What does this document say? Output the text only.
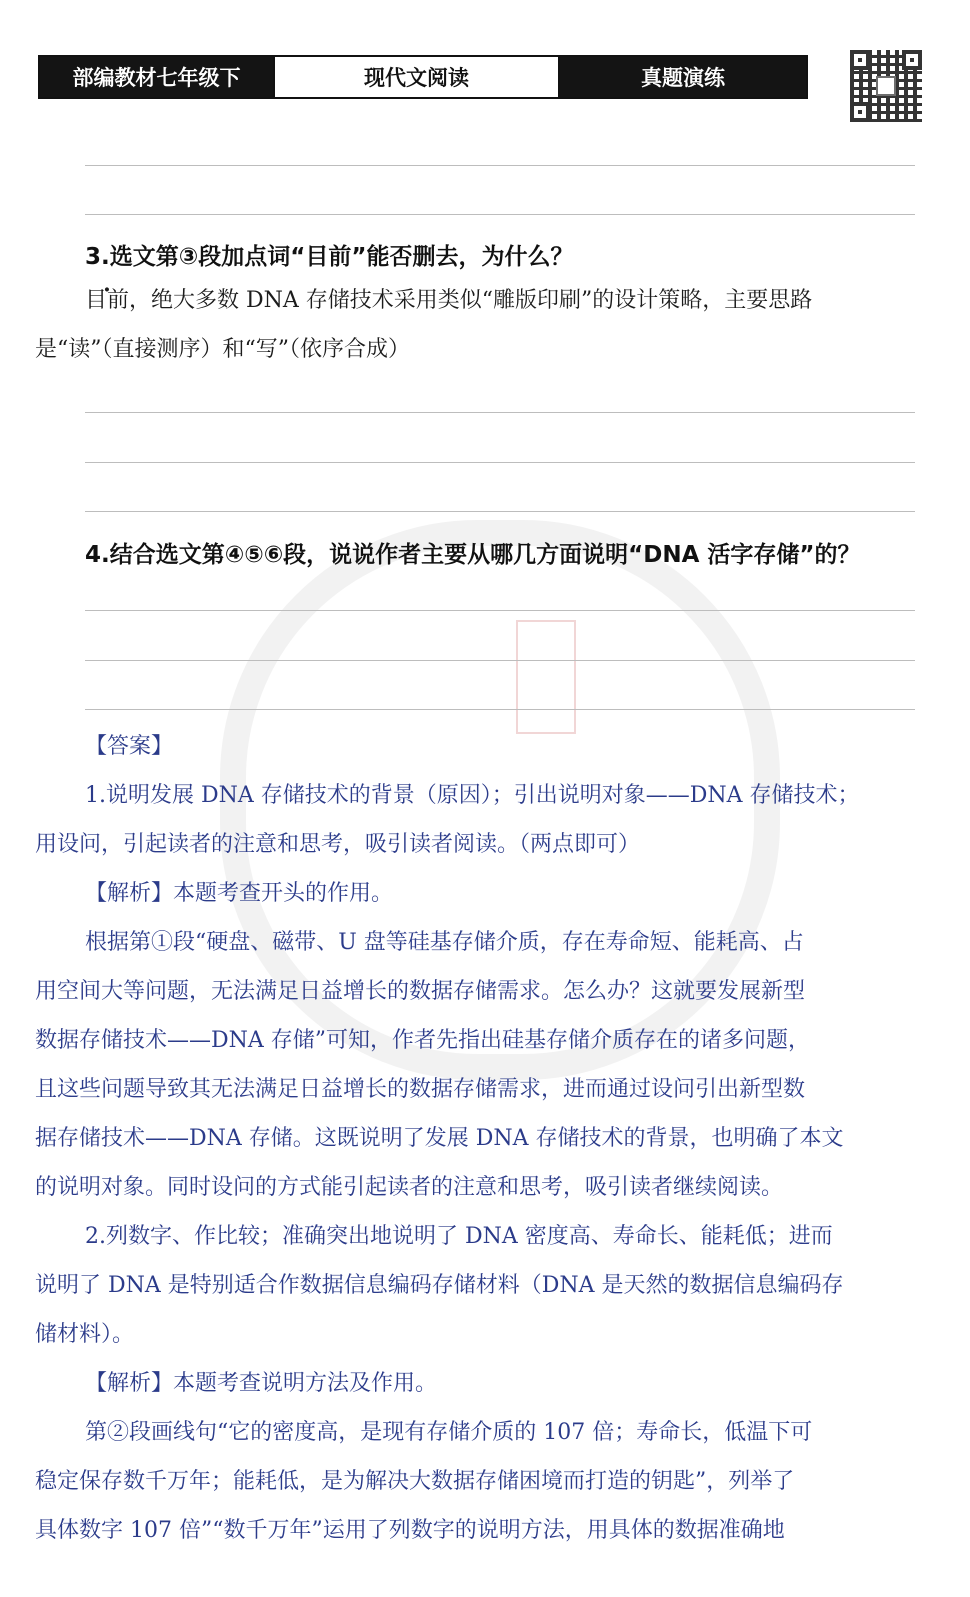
部编教材七年级下	现代文阅读	真题演练
3.选文第③段加点词“目前”能否删去，为什么？
目前，绝大多数 DNA 存储技术采用类似“雕版印刷”的设计策略，主要思路
是“读”（直接测序）和“写”（依序合成）
4.结合选文第④⑤⑥段，说说作者主要从哪几方面说明“DNA 活字存储”的？
【答案】
1.说明发展 DNA 存储技术的背景（原因）；引出说明对象——DNA 存储技术；
用设问，引起读者的注意和思考，吸引读者阅读。（两点即可）
【解析】本题考查开头的作用。
根据第①段“硬盘、磁带、U 盘等硅基存储介质，存在寿命短、能耗高、占
用空间大等问题，无法满足日益增长的数据存储需求。怎么办？这就要发展新型
数据存储技术——DNA 存储”可知，作者先指出硅基存储介质存在的诸多问题，
且这些问题导致其无法满足日益增长的数据存储需求，进而通过设问引出新型数
据存储技术——DNA 存储。这既说明了发展 DNA 存储技术的背景，也明确了本文
的说明对象。同时设问的方式能引起读者的注意和思考，吸引读者继续阅读。
2.列数字、作比较；准确突出地说明了 DNA 密度高、寿命长、能耗低；进而
说明了 DNA 是特别适合作数据信息编码存储材料（DNA 是天然的数据信息编码存
储材料）。
【解析】本题考查说明方法及作用。
第②段画线句“它的密度高，是现有存储介质的 107 倍；寿命长，低温下可
稳定保存数千万年；能耗低，是为解决大数据存储困境而打造的钥匙”，列举了
具体数字 107 倍”“数千万年”运用了列数字的说明方法，用具体的数据准确地
